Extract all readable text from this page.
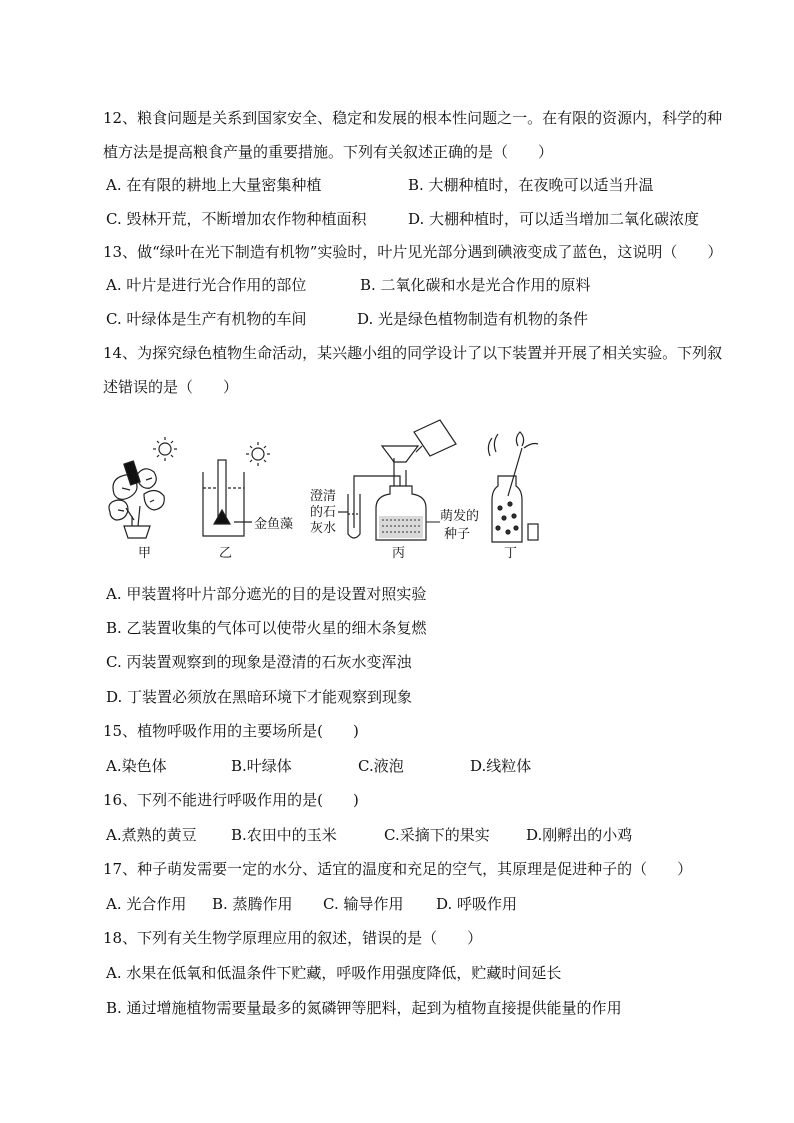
12、粮食问题是关系到国家安全、稳定和发展的根本性问题之一。在有限的资源内，科学的种
植方法是提高粮食产量的重要措施。下列有关叙述正确的是（　　）
A. 在有限的耕地上大量密集种植	B. 大棚种植时，在夜晚可以适当升温
C. 毁林开荒，不断增加农作物种植面积	D. 大棚种植时，可以适当增加二氧化碳浓度
13、做“绿叶在光下制造有机物”实验时，叶片见光部分遇到碘液变成了蓝色，这说明（　　）
A. 叶片是进行光合作用的部位	B. 二氧化碳和水是光合作用的原料
C. 叶绿体是生产有机物的车间	D. 光是绿色植物制造有机物的条件
14、为探究绿色植物生命活动，某兴趣小组的同学设计了以下装置并开展了相关实验。下列叙
述错误的是（　　）
甲
金鱼藻
乙
澄清
的石
灰水
丙
萌发的
种子
丁
A. 甲装置将叶片部分遮光的目的是设置对照实验
B. 乙装置收集的气体可以使带火星的细木条复燃
C. 丙装置观察到的现象是澄清的石灰水变浑浊
D. 丁装置必须放在黑暗环境下才能观察到现象
15、植物呼吸作用的主要场所是(　　)
A.染色体	B.叶绿体	C.液泡	D.线粒体
16、下列不能进行呼吸作用的是(　　)
A.煮熟的黄豆 B.农田中的玉米	C.采摘下的果实 D.刚孵出的小鸡
17、种子萌发需要一定的水分、适宜的温度和充足的空气，其原理是促进种子的（　　）
A. 光合作用 B. 蒸腾作用 C. 输导作用 D. 呼吸作用
18、下列有关生物学原理应用的叙述，错误的是（　　）
A. 水果在低氧和低温条件下贮藏，呼吸作用强度降低，贮藏时间延长
B. 通过增施植物需要量最多的氮磷钾等肥料，起到为植物直接提供能量的作用
